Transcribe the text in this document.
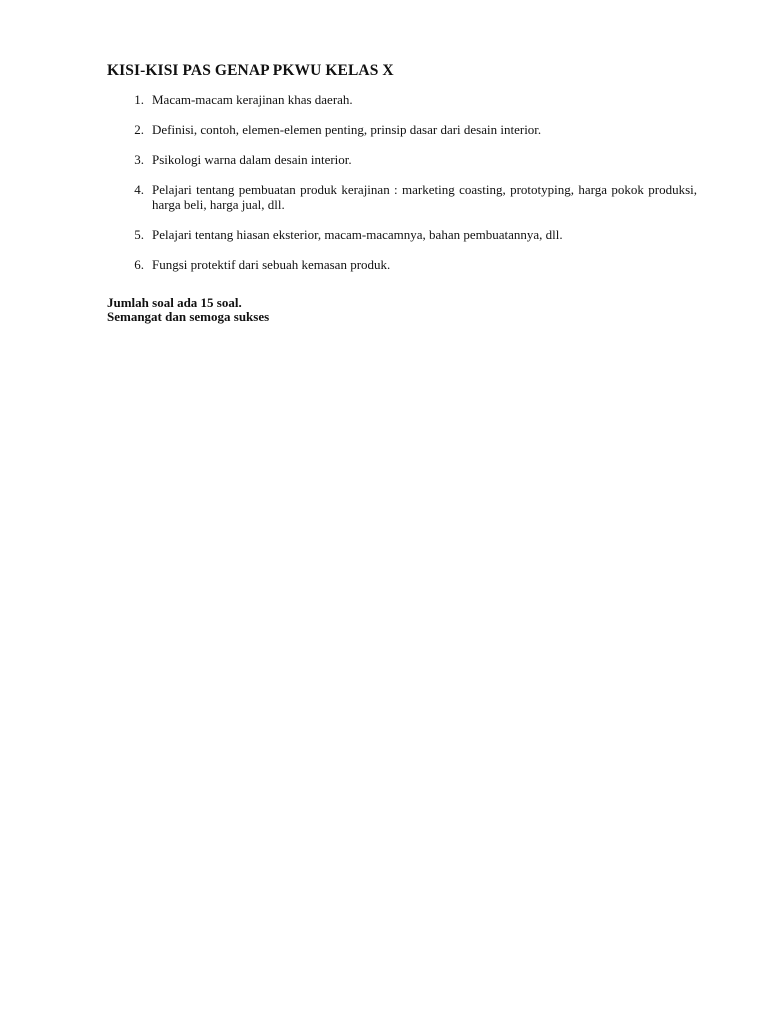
KISI-KISI PAS GENAP PKWU KELAS X
1. Macam-macam kerajinan khas daerah.
2. Definisi, contoh, elemen-elemen penting, prinsip dasar dari desain interior.
3. Psikologi warna dalam desain interior.
4. Pelajari tentang pembuatan produk kerajinan : marketing coasting, prototyping, harga pokok produksi, harga beli, harga jual, dll.
5. Pelajari tentang hiasan eksterior, macam-macamnya, bahan pembuatannya, dll.
6. Fungsi protektif dari sebuah kemasan produk.
Jumlah soal ada 15 soal.
Semangat dan semoga sukses
